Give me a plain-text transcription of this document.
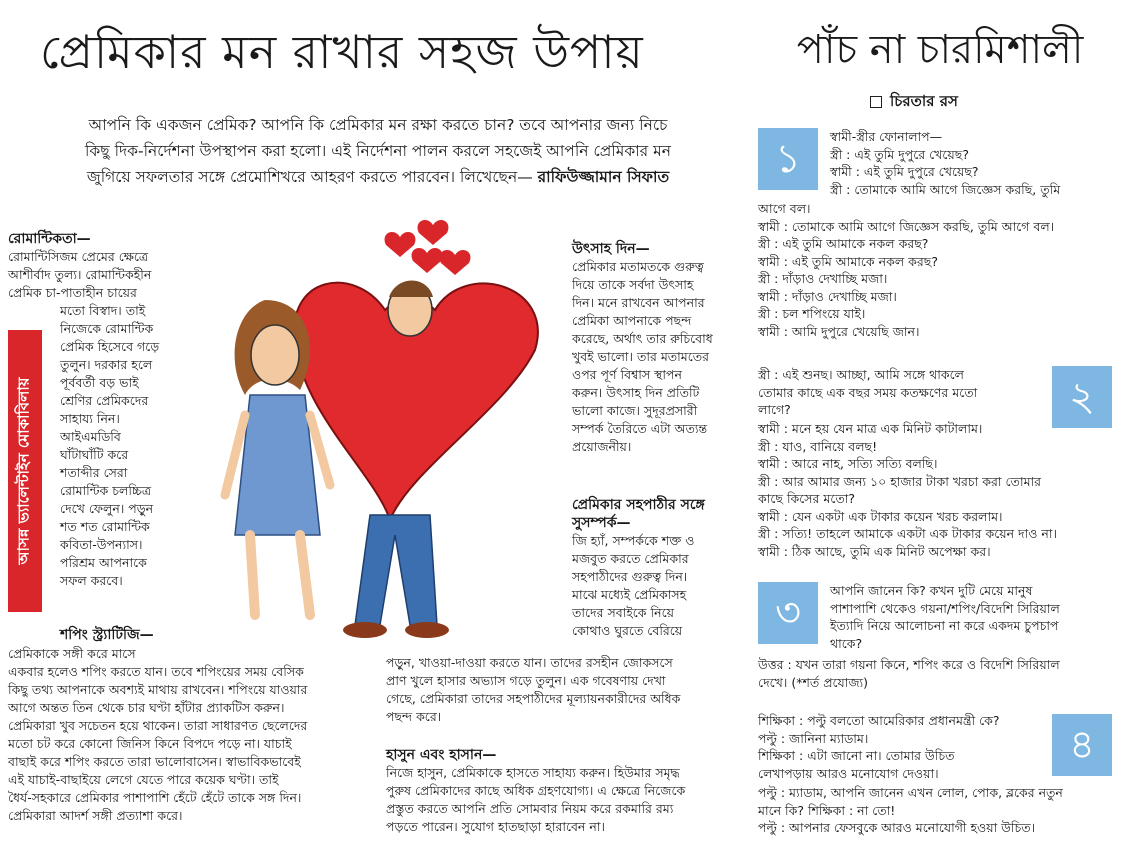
প্রেমিকার মন রাখার সহজ উপায়	পাঁচ না চারমিশালী
চিরতার রস
আপনি কি একজন প্রেমিক? আপনি কি প্রেমিকার মন রক্ষা করতে চান? তবে আপনার জন্য নিচে
কিছু দিক-নির্দেশনা উপস্থাপন করা হলো। এই নির্দেশনা পালন করলে সহজেই আপনি প্রেমিকার মন
জুগিয়ে সফলতার সঙ্গে প্রেমোশিখরে আহরণ করতে পারবেন। লিখেছেন— রাফিউজ্জামান সিফাত
রোমান্টিকতা—
রোমান্টিসিজম প্রেমের ক্ষেত্রে
আশীর্বাদ তুল্য। রোমান্টিকহীন
প্রেমিক চা-পাতাহীন চায়ের
মতো বিস্বাদ। তাই
নিজেকে রোমান্টিক
প্রেমিক হিসেবে গড়ে
তুলুন। দরকার হলে
পূর্ববর্তী বড় ভাই
শ্রেণির প্রেমিকদের
সাহায্য নিন।
আইএমডিবি
ঘাঁটাঘাঁটি করে
শতাব্দীর সেরা
রোমান্টিক চলচ্চিত্র
দেখে ফেলুন। পড়ুন
শত শত রোমান্টিক
কবিতা-উপন্যাস।
পরিশ্রম আপনাকে
সফল করবে।
আসন্ন ভ্যালেন্টাইন মোকাবিলায়
শপিং স্ট্র্যাটিজি—
প্রেমিকাকে সঙ্গী করে মাসে
একবার হলেও শপিং করতে যান। তবে শপিংয়ের সময় বেসিক
কিছু তথ্য আপনাকে অবশ্যই মাথায় রাখবেন। শপিংয়ে যাওয়ার
আগে অন্তত তিন থেকে চার ঘণ্টা হাঁটার প্র্যাকটিস করুন।
প্রেমিকারা খুব সচেতন হয়ে থাকেন। তারা সাধারণত ছেলেদের
মতো চট করে কোনো জিনিস কিনে বিপদে পড়ে না। যাচাই
বাছাই করে শপিং করতে তারা ভালোবাসেন। স্বাভাবিকভাবেই
এই যাচাই-বাছাইয়ে লেগে যেতে পারে কয়েক ঘণ্টা। তাই
ধৈর্য-সহকারে প্রেমিকার পাশাপাশি হেঁটে হেঁটে তাকে সঙ্গ দিন।
প্রেমিকারা আদর্শ সঙ্গী প্রত্যাশা করে।
উৎসাহ দিন—
প্রেমিকার মতামতকে গুরুত্ব
দিয়ে তাকে সর্বদা উৎসাহ
দিন। মনে রাখবেন আপনার
প্রেমিকা আপনাকে পছন্দ
করেছে, অর্থাৎ তার রুচিবোধ
খুবই ভালো। তার মতামতের
ওপর পূর্ণ বিশ্বাস স্থাপন
করুন। উৎসাহ দিন প্রতিটি
ভালো কাজে। সুদূরপ্রসারী
সম্পর্ক তৈরিতে এটা অত্যন্ত
প্রয়োজনীয়।
প্রেমিকার সহপাঠীর সঙ্গে
সুসম্পর্ক—
জি হ্যাঁ, সম্পর্ককে শক্ত ও
মজবুত করতে প্রেমিকার
সহপাঠীদের গুরুত্ব দিন।
মাঝে মধ্যেই প্রেমিকাসহ
তাদের সবাইকে নিয়ে
কোথাও ঘুরতে বেরিয়ে
পড়ুন, খাওয়া-দাওয়া করতে যান। তাদের রসহীন জোকসসে
প্রাণ খুলে হাসার অভ্যাস গড়ে তুলুন। এক গবেষণায় দেখা
গেছে, প্রেমিকারা তাদের সহপাঠীদের মূল্যায়নকারীদের অধিক
পছন্দ করে।
হাসুন এবং হাসান—
নিজে হাসুন, প্রেমিকাকে হাসতে সাহায্য করুন। হিউমার সমৃদ্ধ
পুরুষ প্রেমিকাদের কাছে অধিক গ্রহণযোগ্য। এ ক্ষেত্রে নিজেকে
প্রস্তুত করতে আপনি প্রতি সোমবার নিয়ম করে রকমারি রম্য
পড়তে পারেন। সুযোগ হাতছাড়া হারাবেন না।
১	স্বামী-স্ত্রীর ফোনালাপ—
স্ত্রী : এই তুমি দুপুরে খেয়েছ?
স্বামী : এই তুমি দুপুরে খেয়েছ?
স্ত্রী : তোমাকে আমি আগে জিজ্ঞেস করছি, তুমি
আগে বল।
স্বামী : তোমাকে আমি আগে জিজ্ঞেস করছি, তুমি আগে বল।
স্ত্রী : এই তুমি আমাকে নকল করছ?
স্বামী : এই তুমি আমাকে নকল করছ?
স্ত্রী : দাঁড়াও দেখাচ্ছি মজা।
স্বামী : দাঁড়াও দেখাচ্ছি মজা।
স্ত্রী : চল শপিংয়ে যাই।
স্বামী : আমি দুপুরে খেয়েছি জান।
স্ত্রী : এই শুনছ। আচ্ছা, আমি সঙ্গে থাকলে
তোমার কাছে এক বছর সময় কতক্ষণের মতো
লাগে?	২
স্বামী : মনে হয় যেন মাত্র এক মিনিট কাটালাম।
স্ত্রী : যাও, বানিয়ে বলছ!
স্বামী : আরে নাহ, সত্যি সত্যি বলছি।
স্ত্রী : আর আমার জন্য ১০ হাজার টাকা খরচা করা তোমার
কাছে কিসের মতো?
স্বামী : যেন একটা এক টাকার কয়েন খরচ করলাম।
স্ত্রী : সত্যি! তাহলে আমাকে একটা এক টাকার কয়েন দাও না।
স্বামী : ঠিক আছে, তুমি এক মিনিট অপেক্ষা কর।
৩	আপনি জানেন কি? কখন দুটি মেয়ে মানুষ
পাশাপাশি থেকেও গয়না/শপিং/বিদেশি সিরিয়াল
ইত্যাদি নিয়ে আলোচনা না করে একদম চুপচাপ
থাকে?
উত্তর : যখন তারা গয়না কিনে, শপিং করে ও বিদেশি সিরিয়াল
দেখে। (*শর্ত প্রযোজ্য)
শিক্ষিকা : পল্টু বলতো আমেরিকার প্রধানমন্ত্রী কে?
পল্টু : জানিনা ম্যাডাম।
শিক্ষিকা : এটা জানো না। তোমার উচিত
লেখাপড়ায় আরও মনোযোগ দেওয়া।
৪
পল্টু : ম্যাডাম, আপনি জানেন এখন লোল, পোক, ব্লকের নতুন
মানে কি? শিক্ষিকা : না তো!
পল্টু : আপনার ফেসবুকে আরও মনোযোগী হওয়া উচিত।
